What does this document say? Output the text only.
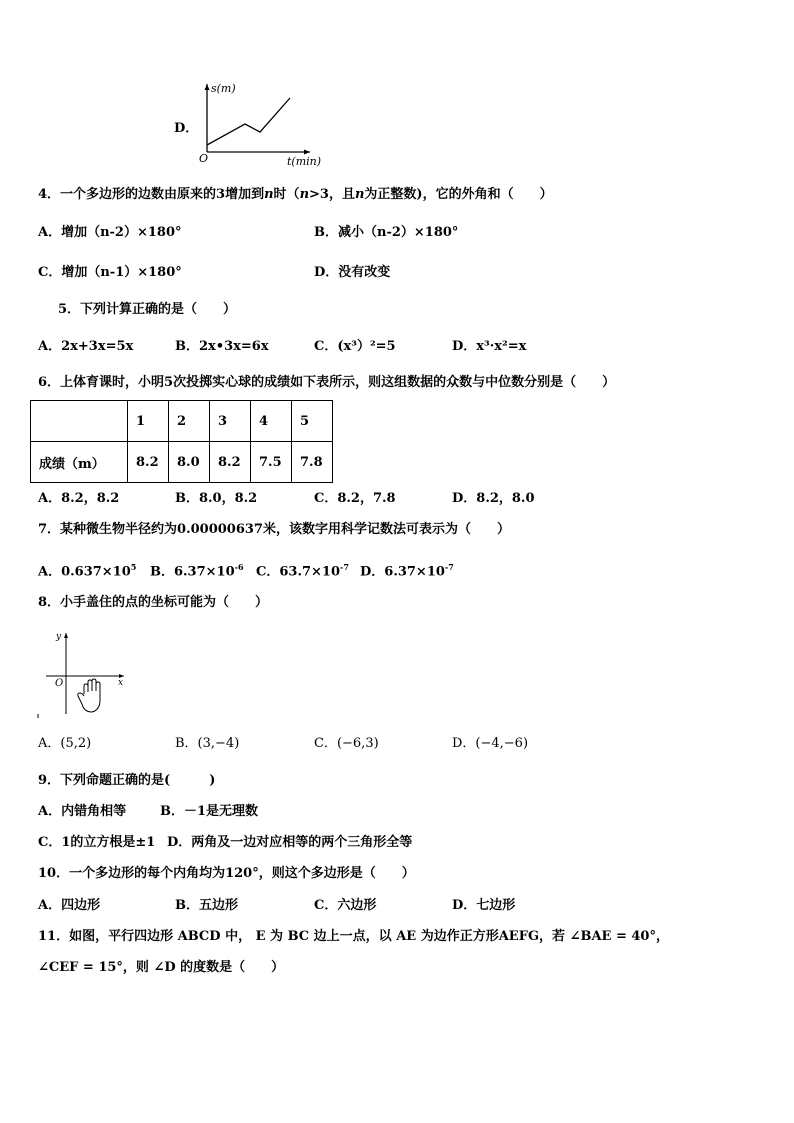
D．
s(m)
t(min)
O
4．一个多边形的边数由原来的3增加到n时（n>3，且n为正整数)，它的外角和（　　）
A．增加（n-2）×180°	B．减小（n-2）×180°
C．增加（n-1）×180°	D．没有改变
5．下列计算正确的是（　　）
A．2x+3x=5x	B．2x•3x=6x	C．(x³）²=5	D．x³·x²=x
6．上体育课时，小明5次投掷实心球的成绩如下表所示，则这组数据的众数与中位数分别是（　　）
	1	2	3	4	5
成绩（m）	8.2	8.0	8.2	7.5	7.8
A．8.2，8.2	B．8.0，8.2	C．8.2，7.8	D．8.2，8.0
7．某种微生物半径约为0.00000637米，该数字用科学记数法可表示为（　　）
A．$0.637\times 10^5$ B．$6.37\times 10^{-6}$ C．$63.7\times 10^{-7}$ D．$6.37\times 10^{-7}$
8．小手盖住的点的坐标可能为（　　）
y
x
O
A．(5,2)	B．(3,−4)	C．(−6,3)	D．(−4,−6)
9．下列命题正确的是(　　　)
A．内错角相等	B．－1是无理数
C．1的立方根是±1 D．两角及一边对应相等的两个三角形全等
10．一个多边形的每个内角均为120°，则这个多边形是（　　）
A．四边形	B．五边形	C．六边形	D．七边形
11．如图，平行四边形 ABCD 中， E 为 BC 边上一点，以 AE 为边作正方形AEFG，若 ∠BAE = 40°，
∠CEF = 15°，则 ∠D 的度数是（　　）
